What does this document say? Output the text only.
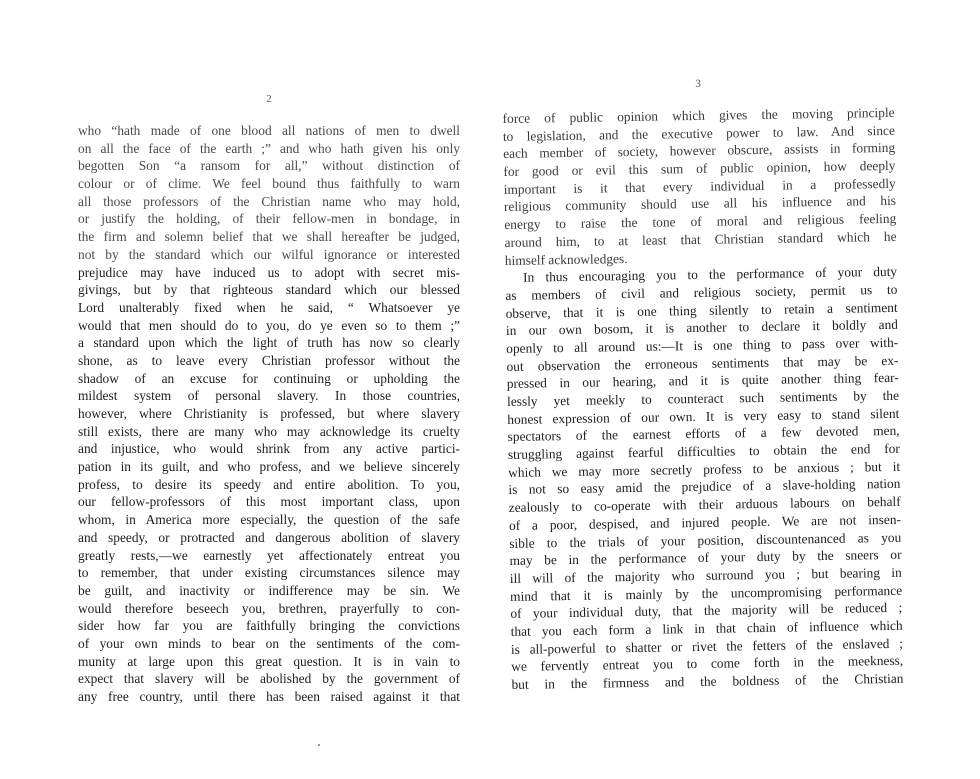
2
who “hath made of one blood all nations of men to dwell
on all the face of the earth ;” and who hath given his only
begotten Son “a ransom for all,” without distinction of
colour or of clime. We feel bound thus faithfully to warn
all those professors of the Christian name who may hold,
or justify the holding, of their fellow-men in bondage, in
the firm and solemn belief that we shall hereafter be judged,
not by the standard which our wilful ignorance or interested
prejudice may have induced us to adopt with secret mis-
givings, but by that righteous standard which our blessed
Lord unalterably fixed when he said, “ Whatsoever ye
would that men should do to you, do ye even so to them ;”
a standard upon which the light of truth has now so clearly
shone, as to leave every Christian professor without the
shadow of an excuse for continuing or upholding the
mildest system of personal slavery. In those countries,
however, where Christianity is professed, but where slavery
still exists, there are many who may acknowledge its cruelty
and injustice, who would shrink from any active partici-
pation in its guilt, and who profess, and we believe sincerely
profess, to desire its speedy and entire abolition. To you,
our fellow-professors of this most important class, upon
whom, in America more especially, the question of the safe
and speedy, or protracted and dangerous abolition of slavery
greatly rests,—we earnestly yet affectionately entreat you
to remember, that under existing circumstances silence may
be guilt, and inactivity or indifference may be sin. We
would therefore beseech you, brethren, prayerfully to con-
sider how far you are faithfully bringing the convictions
of your own minds to bear on the sentiments of the com-
munity at large upon this great question. It is in vain to
expect that slavery will be abolished by the government of
any free country, until there has been raised against it that
3
force of public opinion which gives the moving principle
to legislation, and the executive power to law. And since
each member of society, however obscure, assists in forming
for good or evil this sum of public opinion, how deeply
important is it that every individual in a professedly
religious community should use all his influence and his
energy to raise the tone of moral and religious feeling
around him, to at least that Christian standard which he
himself acknowledges.
In thus encouraging you to the performance of your duty
as members of civil and religious society, permit us to
observe, that it is one thing silently to retain a sentiment
in our own bosom, it is another to declare it boldly and
openly to all around us:—It is one thing to pass over with-
out observation the erroneous sentiments that may be ex-
pressed in our hearing, and it is quite another thing fear-
lessly yet meekly to counteract such sentiments by the
honest expression of our own. It is very easy to stand silent
spectators of the earnest efforts of a few devoted men,
struggling against fearful difficulties to obtain the end for
which we may more secretly profess to be anxious ; but it
is not so easy amid the prejudice of a slave-holding nation
zealously to co-operate with their arduous labours on behalf
of a poor, despised, and injured people. We are not insen-
sible to the trials of your position, discountenanced as you
may be in the performance of your duty by the sneers or
ill will of the majority who surround you ; but bearing in
mind that it is mainly by the uncompromising performance
of your individual duty, that the majority will be reduced ;
that you each form a link in that chain of influence which
is all-powerful to shatter or rivet the fetters of the enslaved ;
we fervently entreat you to come forth in the meekness,
but in the firmness and the boldness of the Christian
